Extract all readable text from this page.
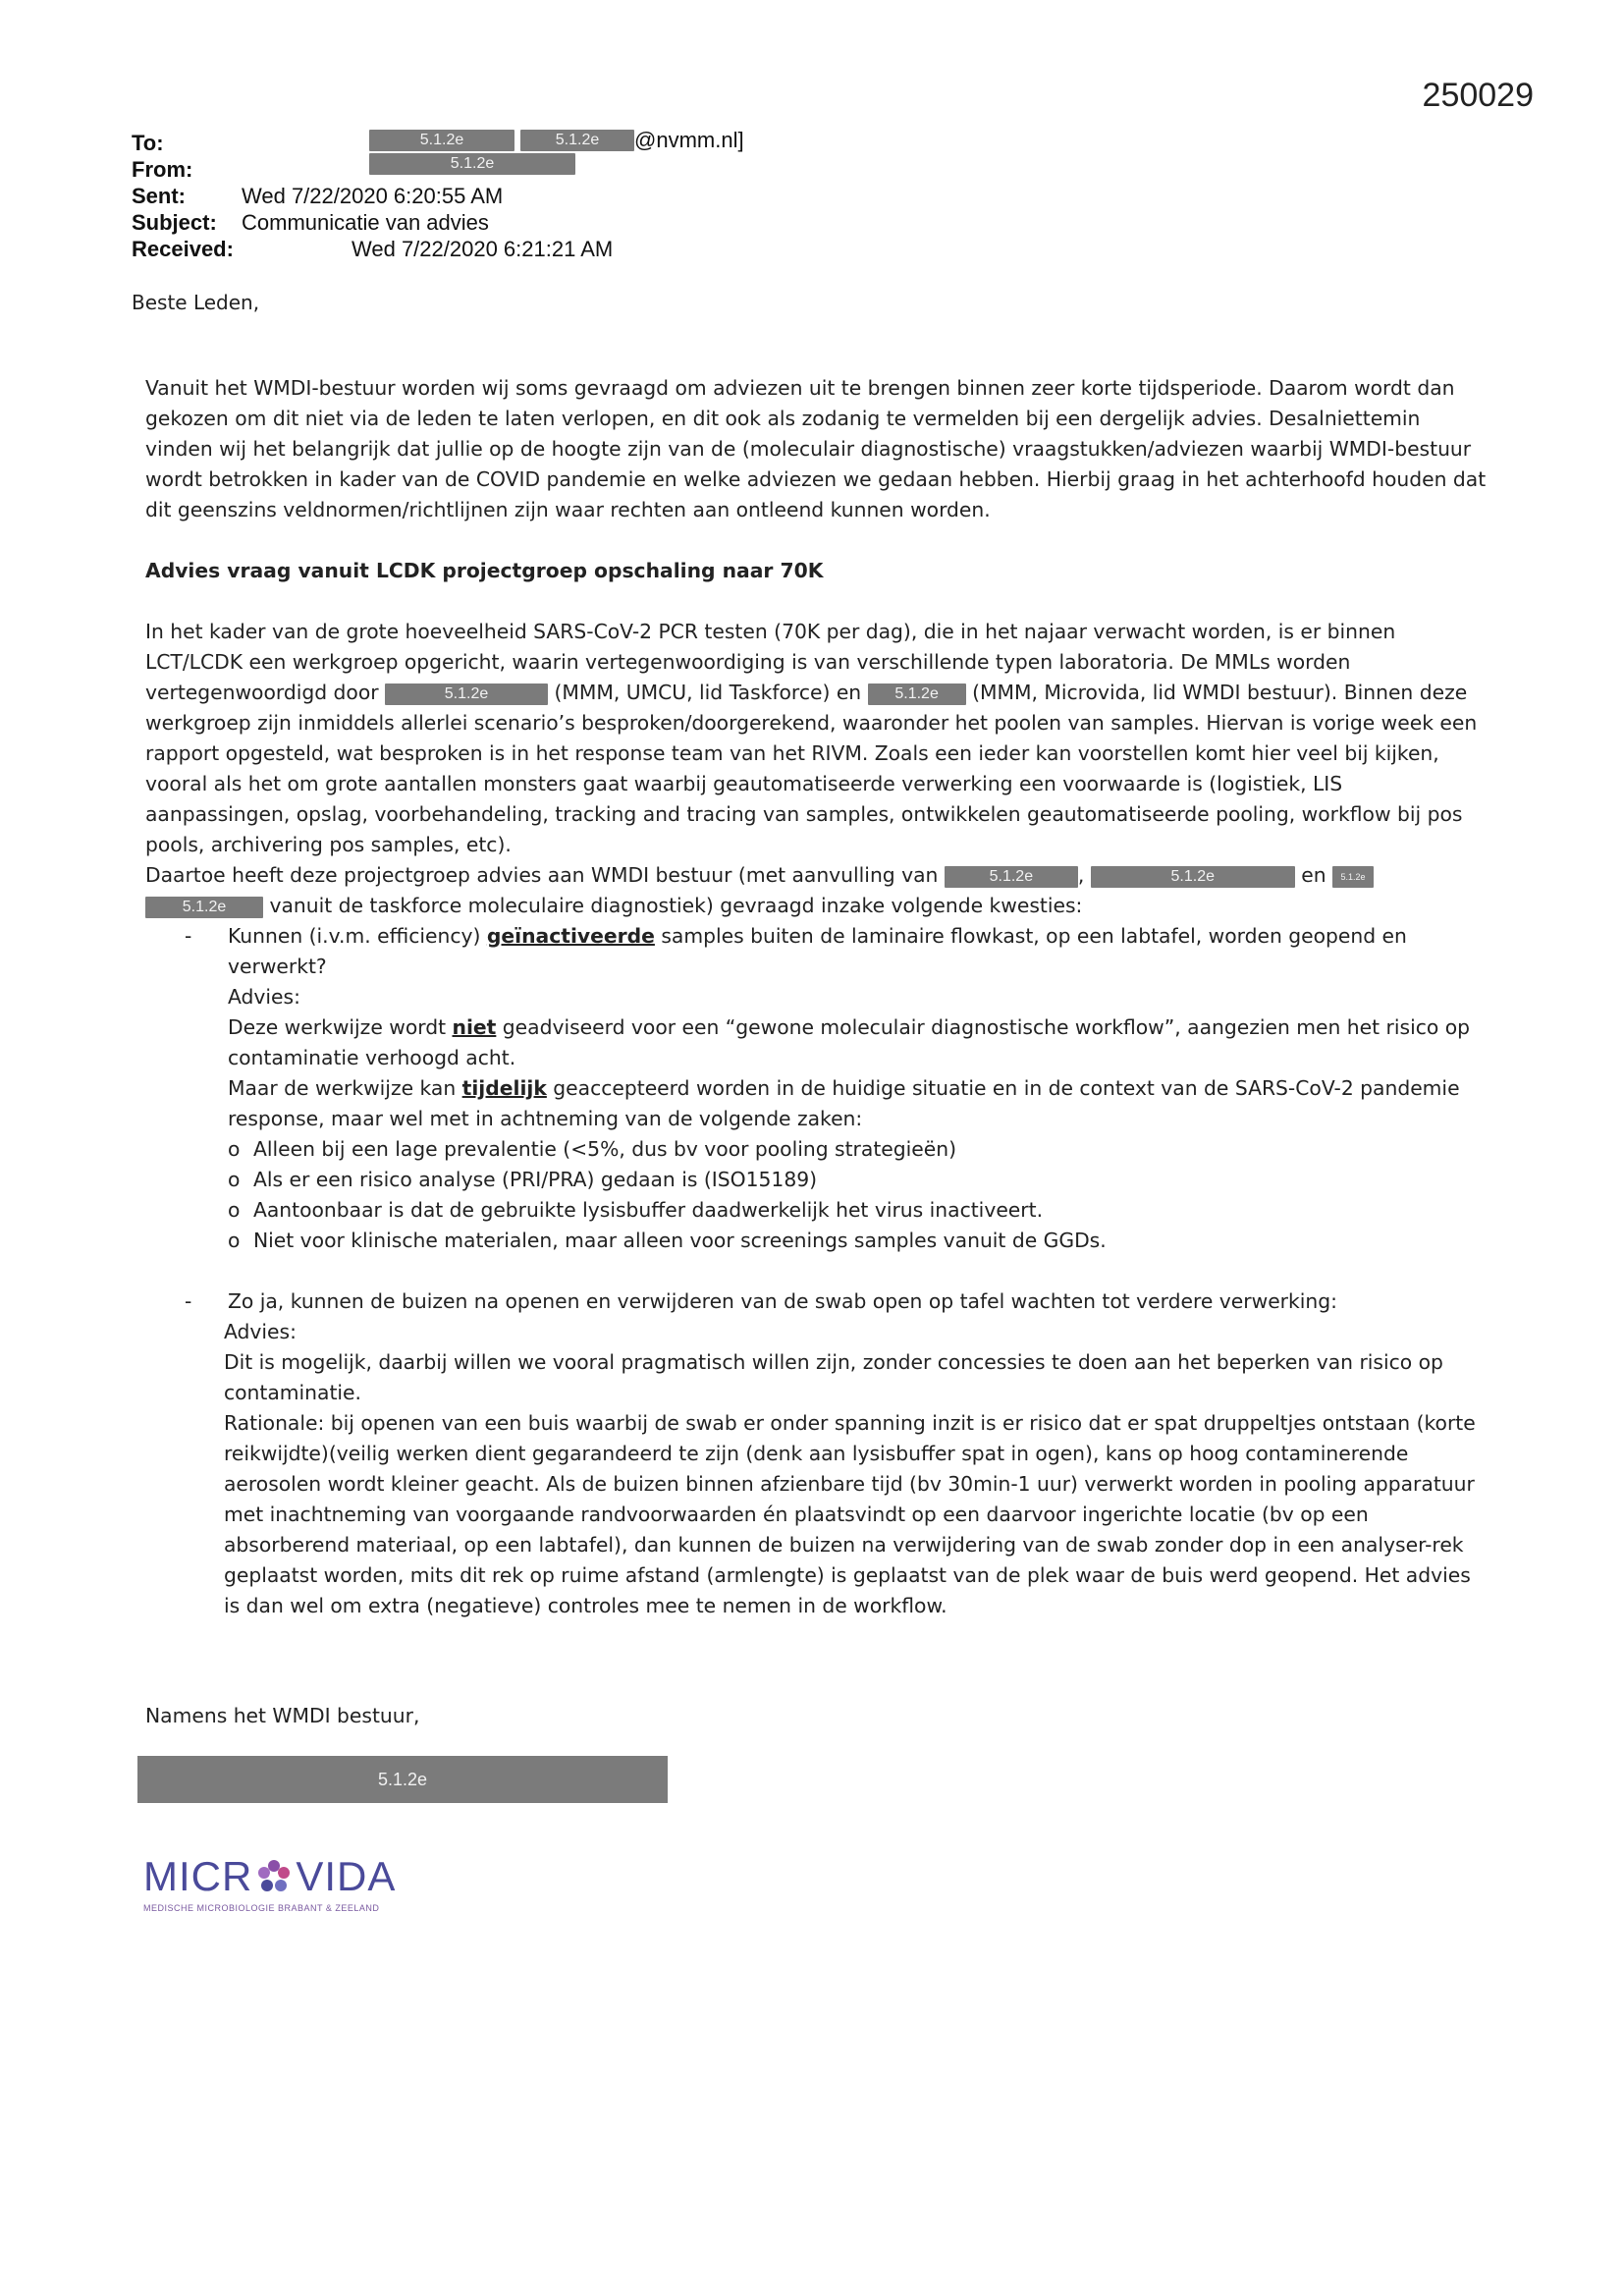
250029
To:	5.1.2e	5.1.2e	@nvmm.nl]
From:	5.1.2e
Sent:	Wed 7/22/2020 6:20:55 AM
Subject:	Communicatie van advies
Received:	Wed 7/22/2020 6:21:21 AM
Beste Leden,

Vanuit het WMDI-bestuur worden wij soms gevraagd om adviezen uit te brengen binnen zeer korte tijdsperiode. Daarom wordt dan gekozen om dit niet via de leden te laten verlopen, en dit ook als zodanig te vermelden bij een dergelijk advies. Desalniettemin vinden wij het belangrijk dat jullie op de hoogte zijn van de (moleculair diagnostische) vraagstukken/adviezen waarbij WMDI-bestuur wordt betrokken in kader van de COVID pandemie en welke adviezen we gedaan hebben. Hierbij graag in het achterhoofd houden dat dit geenszins veldnormen/richtlijnen zijn waar rechten aan ontleend kunnen worden.

Advies vraag vanuit LCDK projectgroep opschaling naar 70K

In het kader van de grote hoeveelheid SARS-CoV-2 PCR testen (70K per dag), die in het najaar verwacht worden, is er binnen LCT/LCDK een werkgroep opgericht, waarin vertegenwoordiging is van verschillende typen laboratoria. De MMLs worden vertegenwoordigd door	5.1.2e	(MMM, UMCU, lid Taskforce) en 5.1.2e (MMM, Microvida, lid WMDI bestuur). Binnen deze werkgroep zijn inmiddels allerlei scenario’s besproken/doorgerekend, waaronder het poolen van samples. Hiervan is vorige week een rapport opgesteld, wat besproken is in het response team van het RIVM. Zoals een ieder kan voorstellen komt hier veel bij kijken, vooral als het om grote aantallen monsters gaat waarbij geautomatiseerde verwerking een voorwaarde is (logistiek, LIS aanpassingen, opslag, voorbehandeling, tracking and tracing van samples, ontwikkelen geautomatiseerde pooling, workflow bij pos pools, archivering pos samples, etc).

Daartoe heeft deze projectgroep advies aan WMDI bestuur (met aanvulling van	5.1.2e ,	5.1.2e	en 5.1.2e
5.1.2e vanuit de taskforce moleculaire diagnostiek) gevraagd inzake volgende kwesties:

- Kunnen (i.v.m. efficiency) geïnactiveerde samples buiten de laminaire flowkast, op een labtafel, worden geopend en verwerkt?
Advies:
Deze werkwijze wordt niet geadviseerd voor een “gewone moleculair diagnostische workflow”, aangezien men het risico op contaminatie verhoogd acht.
Maar de werkwijze kan tijdelijk geaccepteerd worden in de huidige situatie en in de context van de SARS-CoV-2 pandemie response, maar wel met in achtneming van de volgende zaken:
o Alleen bij een lage prevalentie (<5%, dus bv voor pooling strategieën)
o Als er een risico analyse (PRI/PRA) gedaan is (ISO15189)
o Aantoonbaar is dat de gebruikte lysisbuffer daadwerkelijk het virus inactiveert.
o Niet voor klinische materialen, maar alleen voor screenings samples vanuit de GGDs.
- Zo ja, kunnen de buizen na openen en verwijderen van de swab open op tafel wachten tot verdere verwerking:
Advies:
Dit is mogelijk, daarbij willen we vooral pragmatisch willen zijn, zonder concessies te doen aan het beperken van risico op contaminatie.
Rationale: bij openen van een buis waarbij de swab er onder spanning inzit is er risico dat er spat druppeltjes ontstaan (korte reikwijdte)(veilig werken dient gegarandeerd te zijn (denk aan lysisbuffer spat in ogen), kans op hoog contaminerende aerosolen wordt kleiner geacht. Als de buizen binnen afzienbare tijd (bv 30min-1 uur) verwerkt worden in pooling apparatuur met inachtneming van voorgaande randvoorwaarden én plaatsvindt op een daarvoor ingerichte locatie (bv op een absorberend materiaal, op een labtafel), dan kunnen de buizen na verwijdering van de swab zonder dop in een analyser-rek geplaatst worden, mits dit rek op ruime afstand (armlengte) is geplaatst van de plek waar de buis werd geopend. Het advies is dan wel om extra (negatieve) controles mee te nemen in de workflow.
Namens het WMDI bestuur,
5.1.2e
MICR VIDA
MEDISCHE MICROBIOLOGIE BRABANT & ZEELAND
